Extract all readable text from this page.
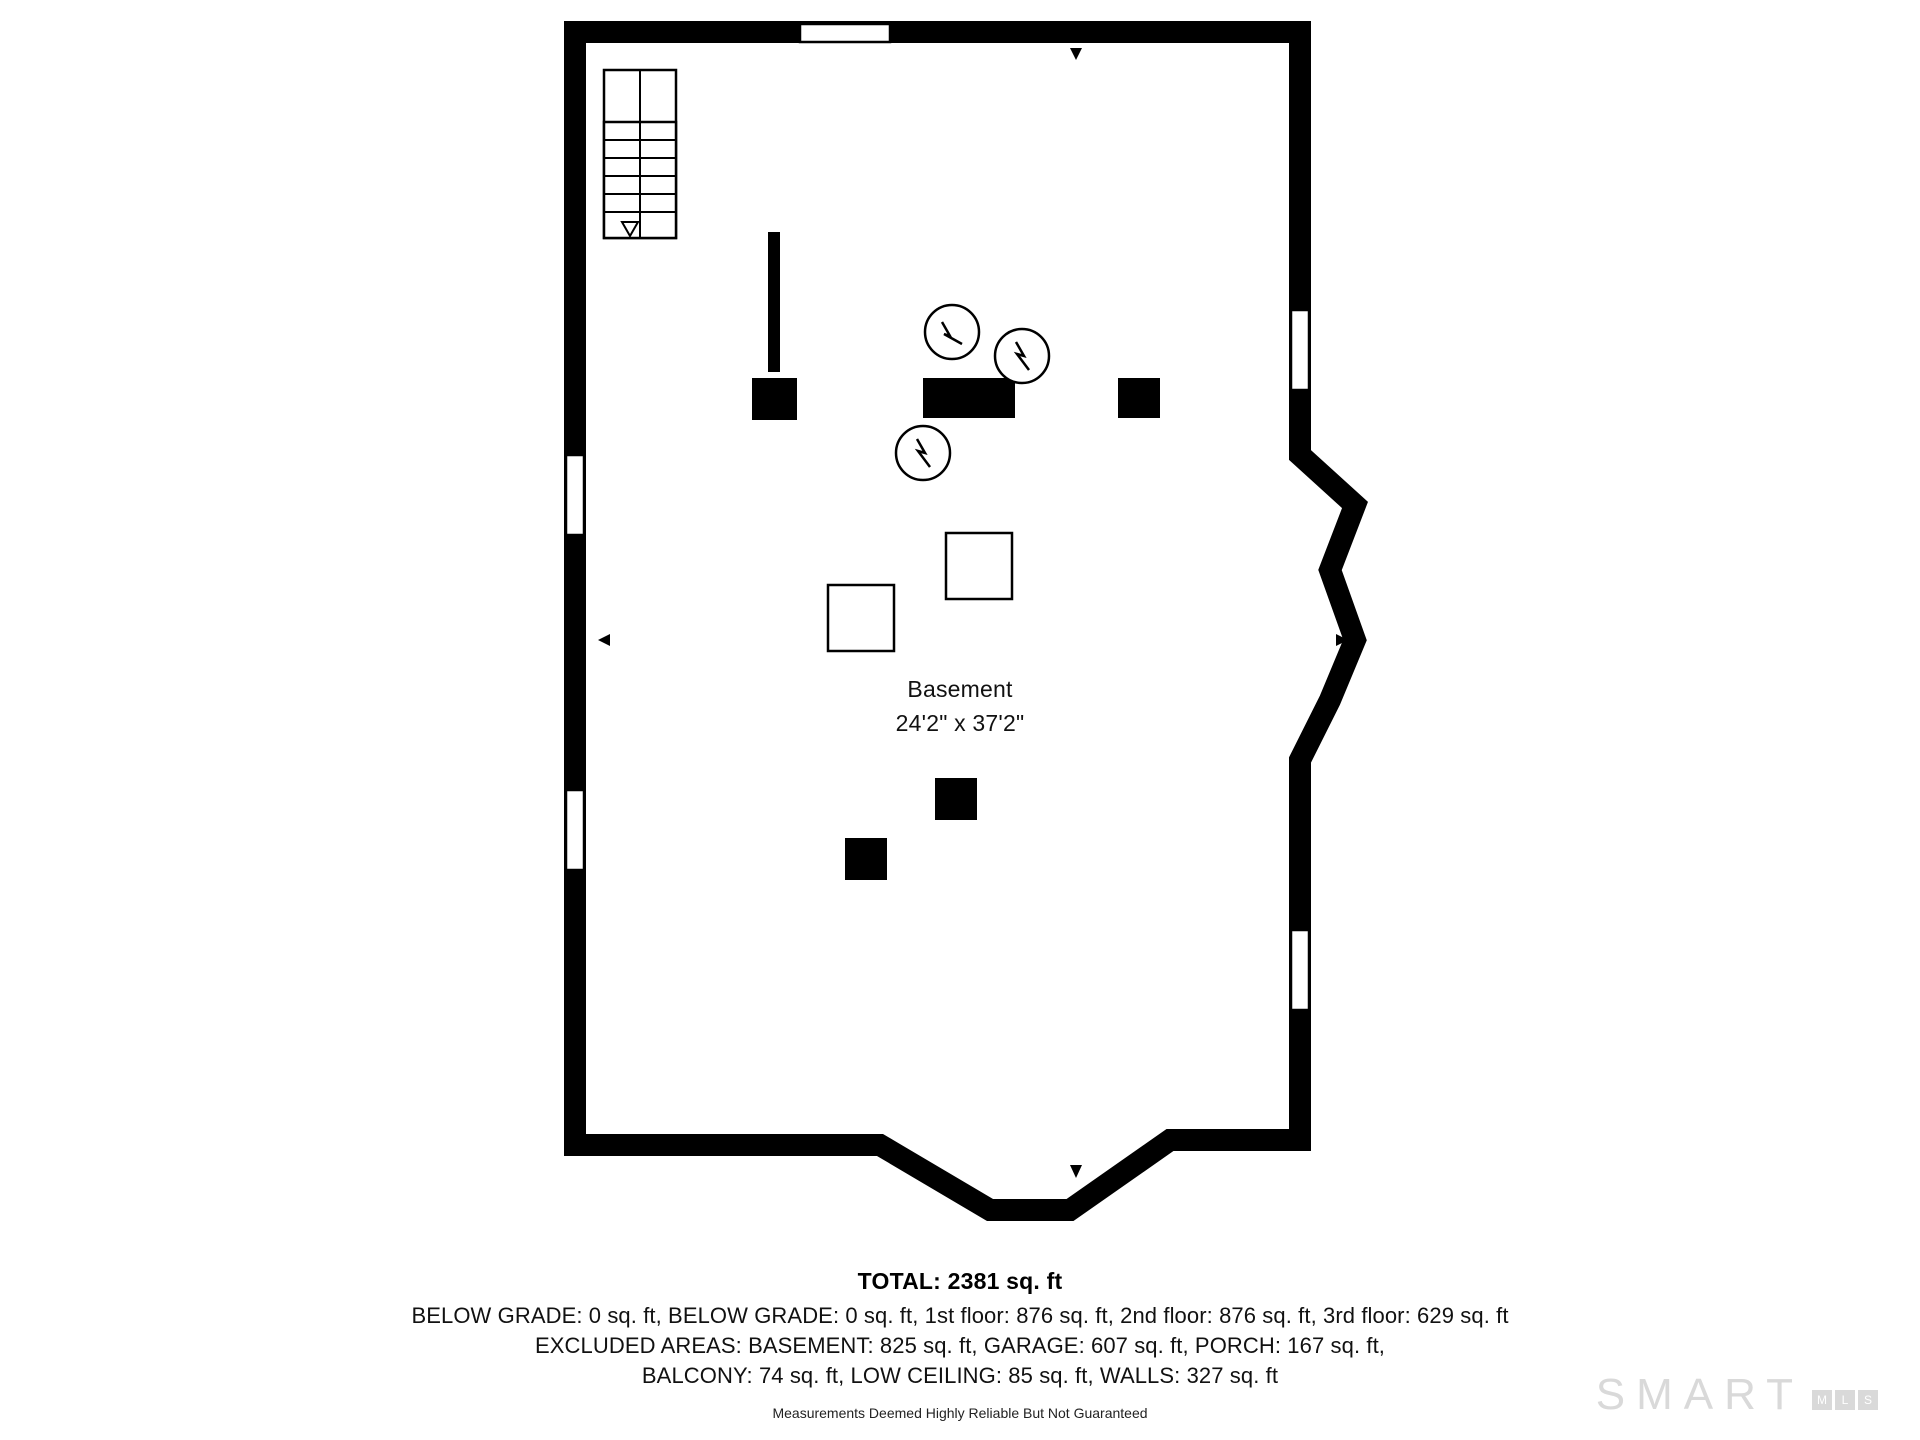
Basement
24'2" x 37'2"
TOTAL: 2381 sq. ft
BELOW GRADE: 0 sq. ft, BELOW GRADE: 0 sq. ft, 1st floor: 876 sq. ft, 2nd floor: 876 sq. ft, 3rd floor: 629 sq. ft
EXCLUDED AREAS: BASEMENT: 825 sq. ft, GARAGE: 607 sq. ft, PORCH: 167 sq. ft,
BALCONY: 74 sq. ft, LOW CEILING: 85 sq. ft, WALLS: 327 sq. ft
Measurements Deemed Highly Reliable But Not Guaranteed	SMART	M	L	S
